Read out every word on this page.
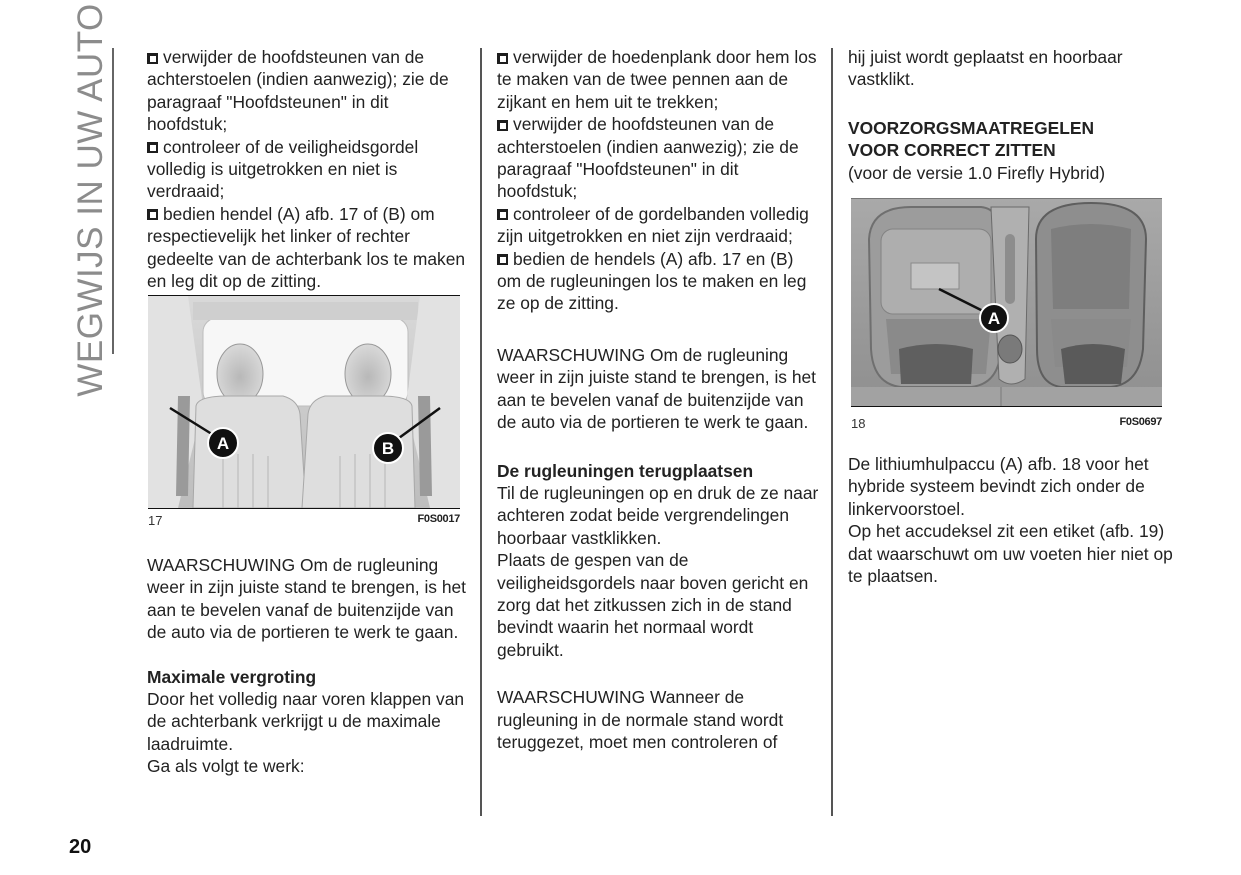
WEGWIJS IN UW AUTO	verwijder de hoofdsteunen van de achterstoelen (indien aanwezig); zie de paragraaf "Hoofdsteunen" in dit hoofdstuk;

controleer of de veiligheidsgordel volledig is uitgetrokken en niet is verdraaid;

bedien hendel (A) afb. 17 of (B) om respectievelijk het linker of rechter gedeelte van de achterbank los te maken en leg dit op de zitting.

A	B
17	F0S0017

WAARSCHUWING Om de rugleuning weer in zijn juiste stand te brengen, is het aan te bevelen vanaf de buitenzijde van de auto via de portieren te werk te gaan.

Maximale vergroting

Door het volledig naar voren klappen van de achterbank verkrijgt u de maximale laadruimte.

Ga als volgt te werk:

verwijder de hoedenplank door hem los te maken van de twee pennen aan de zijkant en hem uit te trekken;

verwijder de hoofdsteunen van de achterstoelen (indien aanwezig); zie de paragraaf "Hoofdsteunen" in dit hoofdstuk;

controleer of de gordelbanden volledig zijn uitgetrokken en niet zijn verdraaid;

bedien de hendels (A) afb. 17 en (B) om de rugleuningen los te maken en leg ze op de zitting.

WAARSCHUWING Om de rugleuning weer in zijn juiste stand te brengen, is het aan te bevelen vanaf de buitenzijde van de auto via de portieren te werk te gaan.

De rugleuningen terugplaatsen

Til de rugleuningen op en druk de ze naar achteren zodat beide vergrendelingen hoorbaar vastklikken.

Plaats de gespen van de veiligheidsgordels naar boven gericht en zorg dat het zitkussen zich in de stand bevindt waarin het normaal wordt gebruikt.

WAARSCHUWING Wanneer de rugleuning in de normale stand wordt teruggezet, moet men controleren of

hij juist wordt geplaatst en hoorbaar vastklikt.

VOORZORGSMAATREGELEN

VOOR CORRECT ZITTEN

(voor de versie 1.0 Firefly Hybrid)

A
18	F0S0697

De lithiumhulpaccu (A) afb. 18 voor het hybride systeem bevindt zich onder de linkervoorstoel.

Op het accudeksel zit een etiket (afb. 19) dat waarschuwt om uw voeten hier niet op te plaatsen.

20
